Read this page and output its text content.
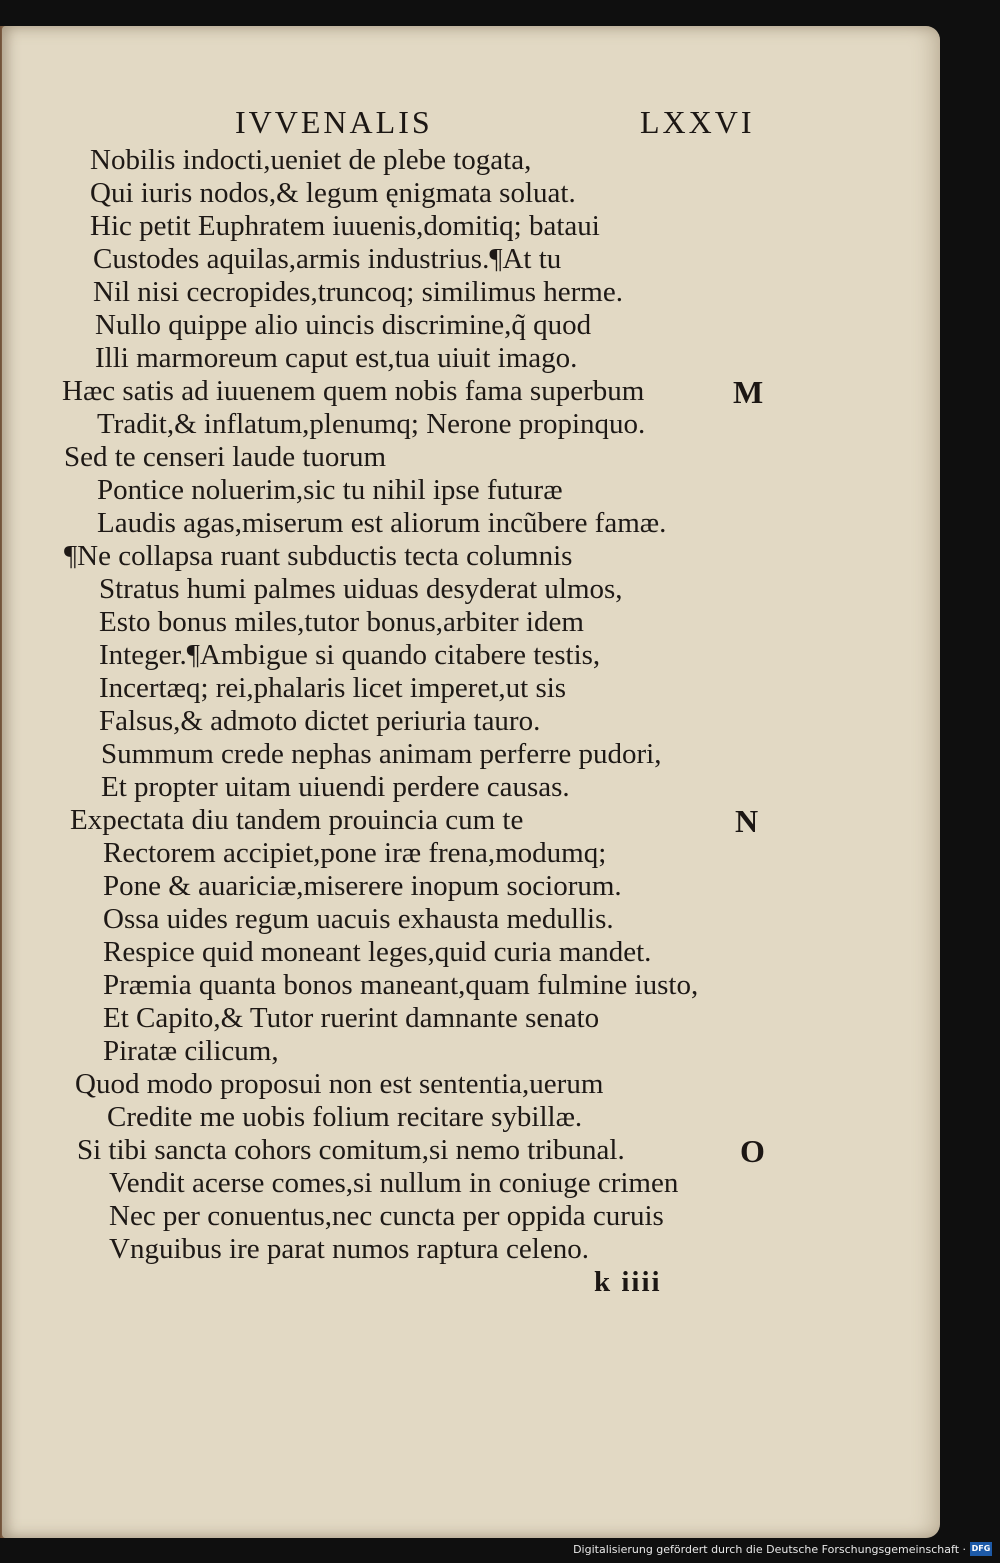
IVVENALIS	LXXVI
Nobilis indocti,ueniet de plebe togata,
Qui iuris nodos,& legum ęnigmata soluat.
Hic petit Euphratem iuuenis,domitiq; bataui
Custodes aquilas,armis industrius.¶At tu
Nil nisi cecropides,truncoq; similimus herme.
Nullo quippe alio uincis discrimine,q̃ quod
Illi marmoreum caput est,tua uiuit imago.
Hæc satis ad iuuenem quem nobis fama superbum
Tradit,& inflatum,plenumq; Nerone propinquo.
Sed te censeri laude tuorum
Pontice noluerim,sic tu nihil ipse futuræ
Laudis agas,miserum est aliorum incũbere famæ.
¶Ne collapsa ruant subductis tecta columnis
Stratus humi palmes uiduas desyderat ulmos,
Esto bonus miles,tutor bonus,arbiter idem
Integer.¶Ambigue si quando citabere testis,
Incertæq; rei,phalaris licet imperet,ut sis
Falsus,& admoto dictet periuria tauro.
Summum crede nephas animam perferre pudori,
Et propter uitam uiuendi perdere causas.
Expectata diu tandem prouincia cum te
Rectorem accipiet,pone iræ frena,modumq;
Pone & auariciæ,miserere inopum sociorum.
Ossa uides regum uacuis exhausta medullis.
Respice quid moneant leges,quid curia mandet.
Præmia quanta bonos maneant,quam fulmine iusto,
Et Capito,& Tutor ruerint damnante senato
Piratæ cilicum,
Quod modo proposui non est sententia,uerum
Credite me uobis folium recitare sybillæ.
Si tibi sancta cohors comitum,si nemo tribunal.
Vendit acerse comes,si nullum in coniuge crimen
Nec per conuentus,nec cuncta per oppida curuis
Vnguibus ire parat numos raptura celeno.
M
N
O
k iiii
Digitalisierung gefördert durch die Deutsche Forschungsgemeinschaft · DFG
